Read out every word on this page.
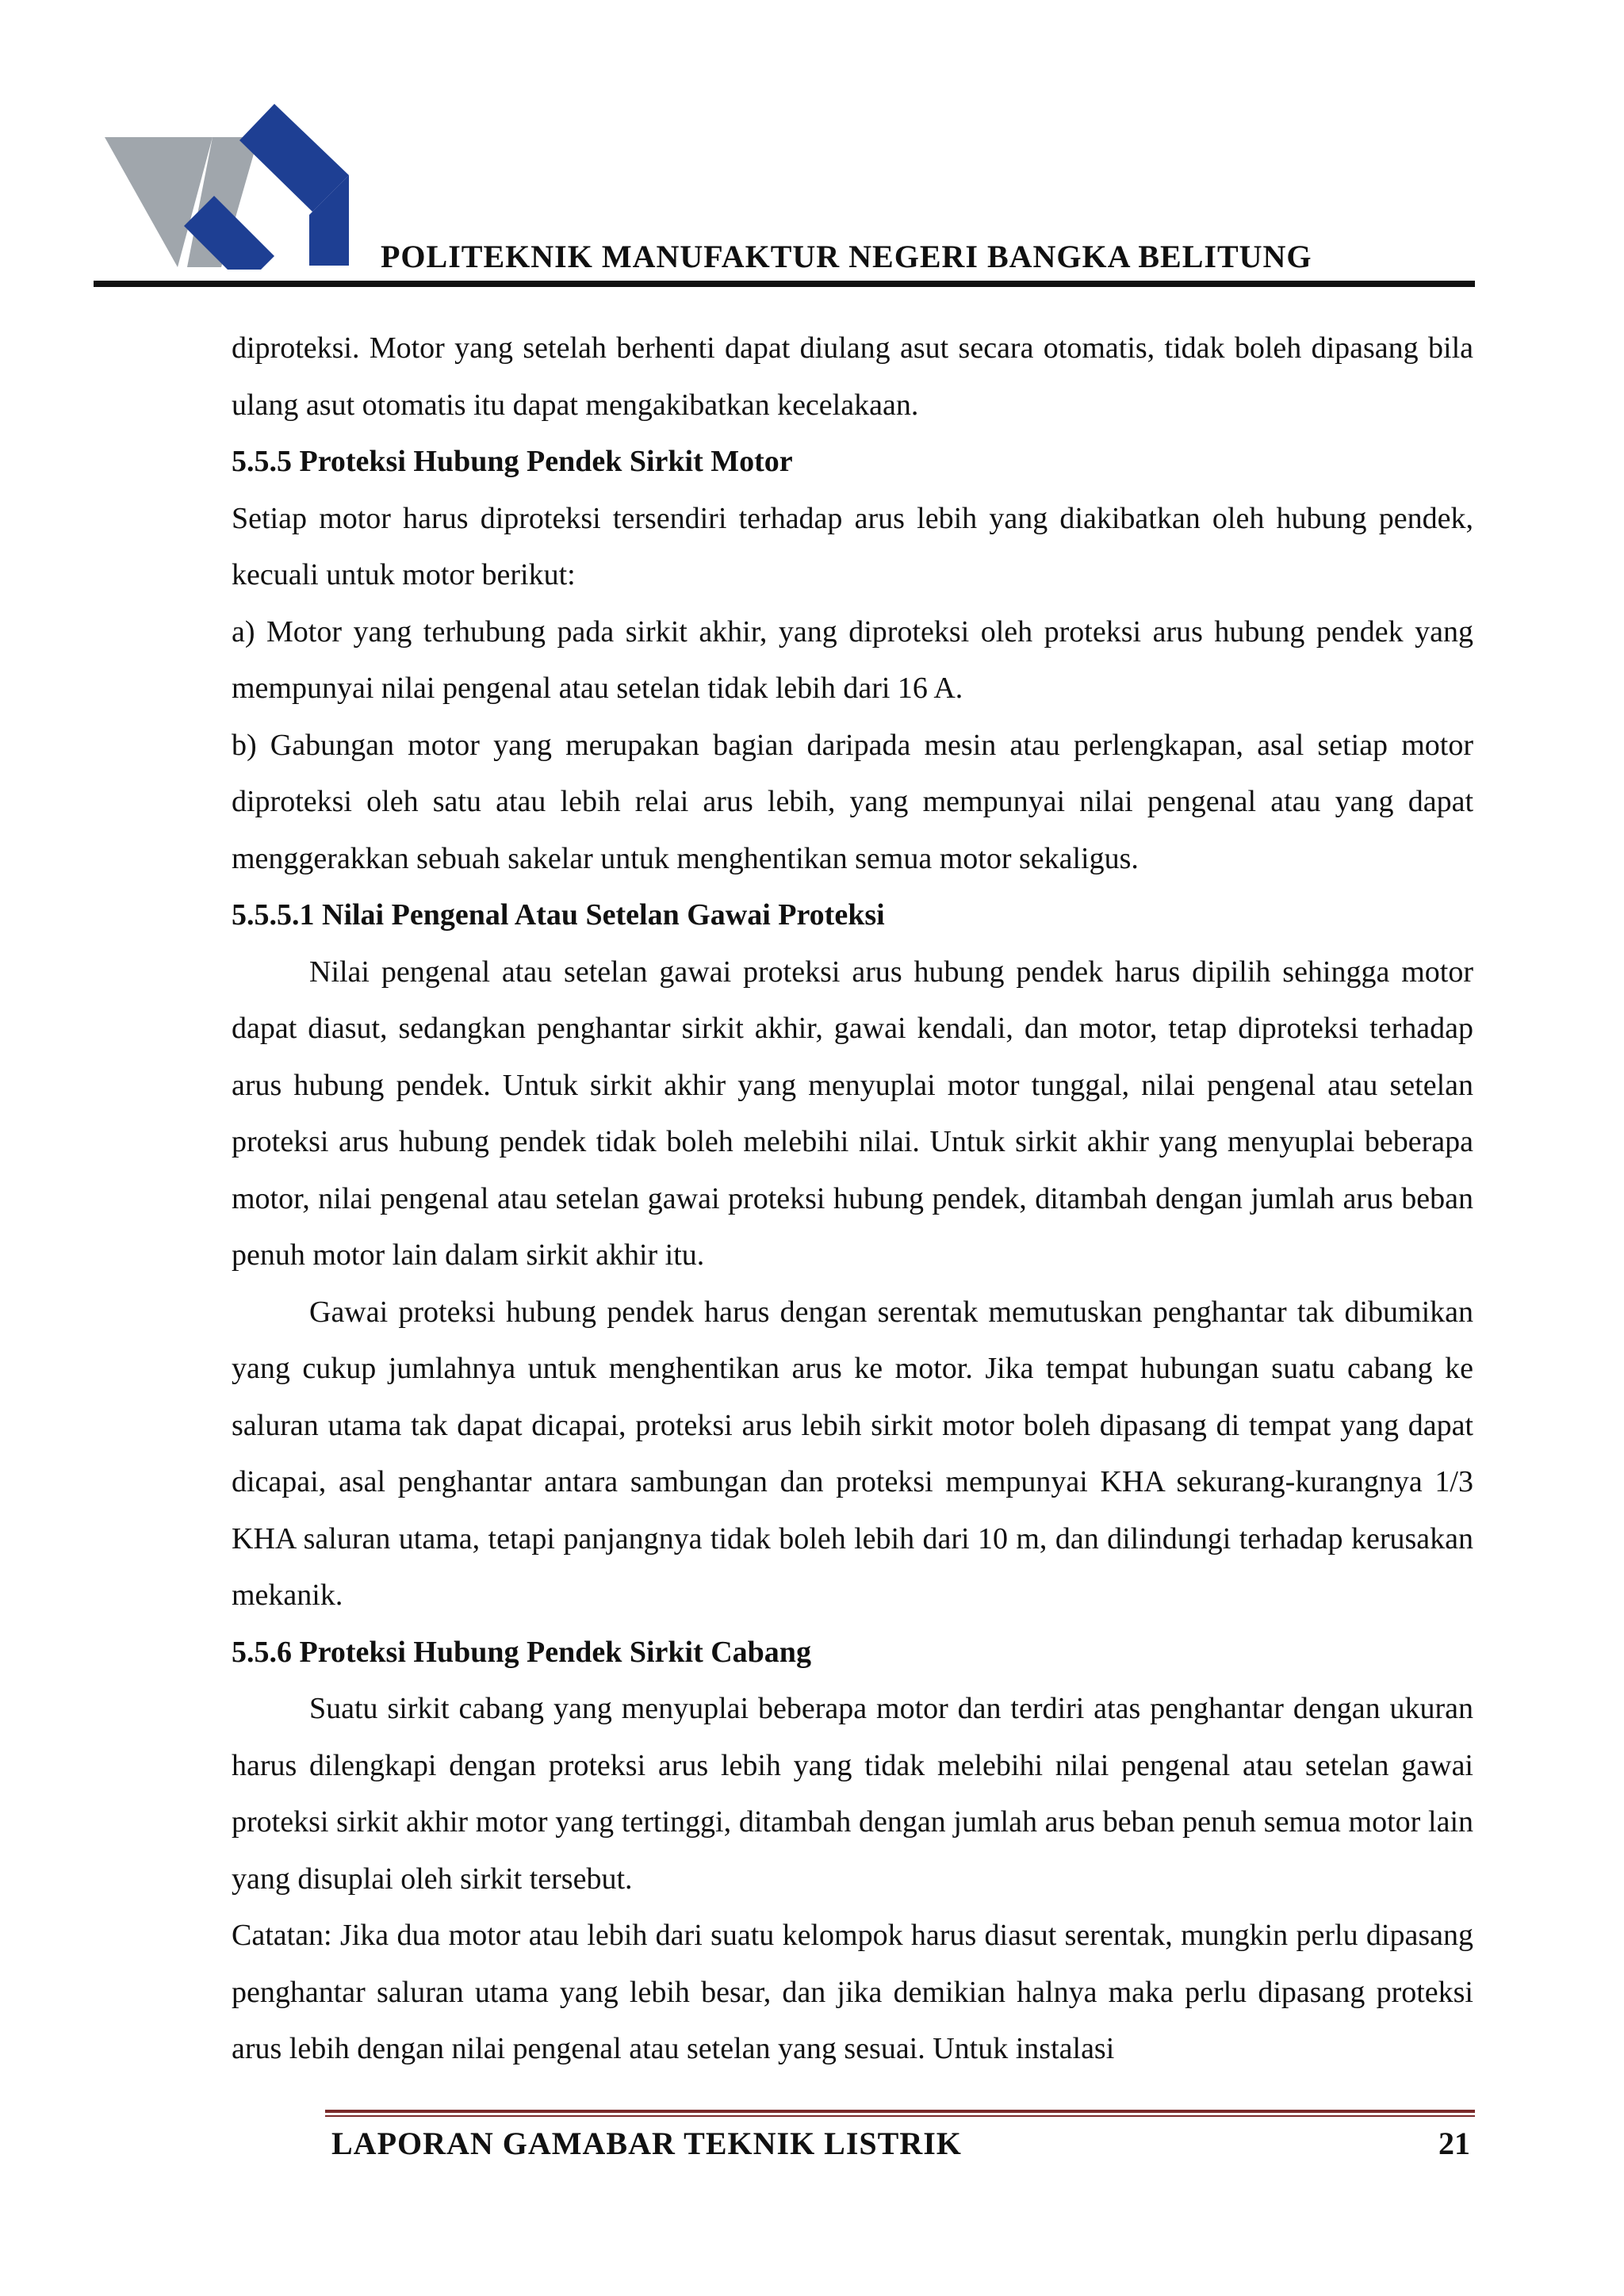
POLITEKNIK MANUFAKTUR NEGERI BANGKA BELITUNG

diproteksi. Motor yang setelah berhenti dapat diulang asut secara otomatis, tidak boleh dipasang bila ulang asut otomatis itu dapat mengakibatkan kecelakaan.

5.5.5 Proteksi Hubung Pendek Sirkit Motor

Setiap motor harus diproteksi tersendiri terhadap arus lebih yang diakibatkan oleh hubung pendek, kecuali untuk motor berikut:

a) Motor yang terhubung pada sirkit akhir, yang diproteksi oleh proteksi arus hubung pendek yang mempunyai nilai pengenal atau setelan tidak lebih dari 16 A.

b) Gabungan motor yang merupakan bagian daripada mesin atau perlengkapan, asal setiap motor diproteksi oleh satu atau lebih relai arus lebih, yang mempunyai nilai pengenal atau yang dapat menggerakkan sebuah sakelar untuk menghentikan semua motor sekaligus.

5.5.5.1 Nilai Pengenal Atau Setelan Gawai Proteksi

Nilai pengenal atau setelan gawai proteksi arus hubung pendek harus dipilih sehingga motor dapat diasut, sedangkan penghantar sirkit akhir, gawai kendali, dan motor, tetap diproteksi terhadap arus hubung pendek. Untuk sirkit akhir yang menyuplai motor tunggal, nilai pengenal atau setelan proteksi arus hubung pendek tidak boleh melebihi nilai. Untuk sirkit akhir yang menyuplai beberapa motor, nilai pengenal atau setelan gawai proteksi hubung pendek, ditambah dengan jumlah arus beban penuh motor lain dalam sirkit akhir itu.

Gawai proteksi hubung pendek harus dengan serentak memutuskan penghantar tak dibumikan yang cukup jumlahnya untuk menghentikan arus ke motor. Jika tempat hubungan suatu cabang ke saluran utama tak dapat dicapai, proteksi arus lebih sirkit motor boleh dipasang di tempat yang dapat dicapai, asal penghantar antara sambungan dan proteksi mempunyai KHA sekurang-kurangnya 1/3 KHA saluran utama, tetapi panjangnya tidak boleh lebih dari 10 m, dan dilindungi terhadap kerusakan mekanik.

5.5.6 Proteksi Hubung Pendek Sirkit Cabang

Suatu sirkit cabang yang menyuplai beberapa motor dan terdiri atas penghantar dengan ukuran harus dilengkapi dengan proteksi arus lebih yang tidak melebihi nilai pengenal atau setelan gawai proteksi sirkit akhir motor yang tertinggi, ditambah dengan jumlah arus beban penuh semua motor lain yang disuplai oleh sirkit tersebut.

Catatan: Jika dua motor atau lebih dari suatu kelompok harus diasut serentak, mungkin perlu dipasang penghantar saluran utama yang lebih besar, dan jika demikian halnya maka perlu dipasang proteksi arus lebih dengan nilai pengenal atau setelan yang sesuai. Untuk instalasi

LAPORAN GAMABAR TEKNIK LISTRIK	21
